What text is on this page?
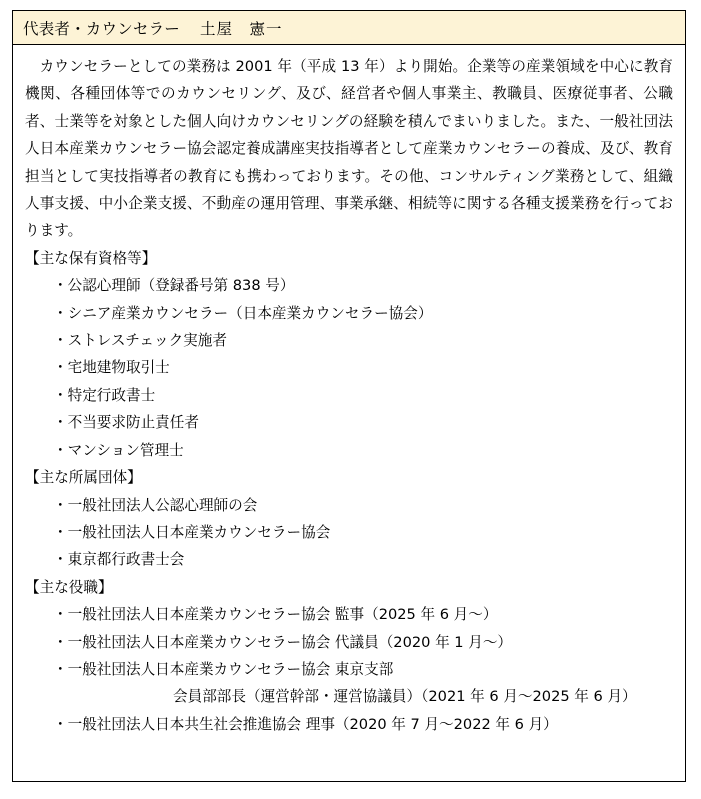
代表者・カウンセラー 土屋　憲一

カウンセラーとしての業務は 2001 年（平成 13 年）より開始。企業等の産業領域を中心に教育機関、各種団体等でのカウンセリング、及び、経営者や個人事業主、教職員、医療従事者、公職者、士業等を対象とした個人向けカウンセリングの経験を積んでまいりました。また、一般社団法人日本産業カウンセラー協会認定養成講座実技指導者として産業カウンセラーの養成、及び、教育担当として実技指導者の教育にも携わっております。その他、コンサルティング業務として、組織人事支援、中小企業支援、不動産の運用管理、事業承継、相続等に関する各種支援業務を行っております。

【主な保有資格等】

・公認心理師（登録番号第 838 号）
・シニア産業カウンセラー（日本産業カウンセラー協会）
・ストレスチェック実施者
・宅地建物取引士
・特定行政書士
・不当要求防止責任者
・マンション管理士

【主な所属団体】

・一般社団法人公認心理師の会
・一般社団法人日本産業カウンセラー協会
・東京都行政書士会

【主な役職】

・一般社団法人日本産業カウンセラー協会 監事（2025 年 6 月～）
・一般社団法人日本産業カウンセラー協会 代議員（2020 年 1 月～）
・一般社団法人日本産業カウンセラー協会 東京支部
会員部部長（運営幹部・運営協議員）（2021 年 6 月～2025 年 6 月）
・一般社団法人日本共生社会推進協会 理事（2020 年 7 月～2022 年 6 月）
